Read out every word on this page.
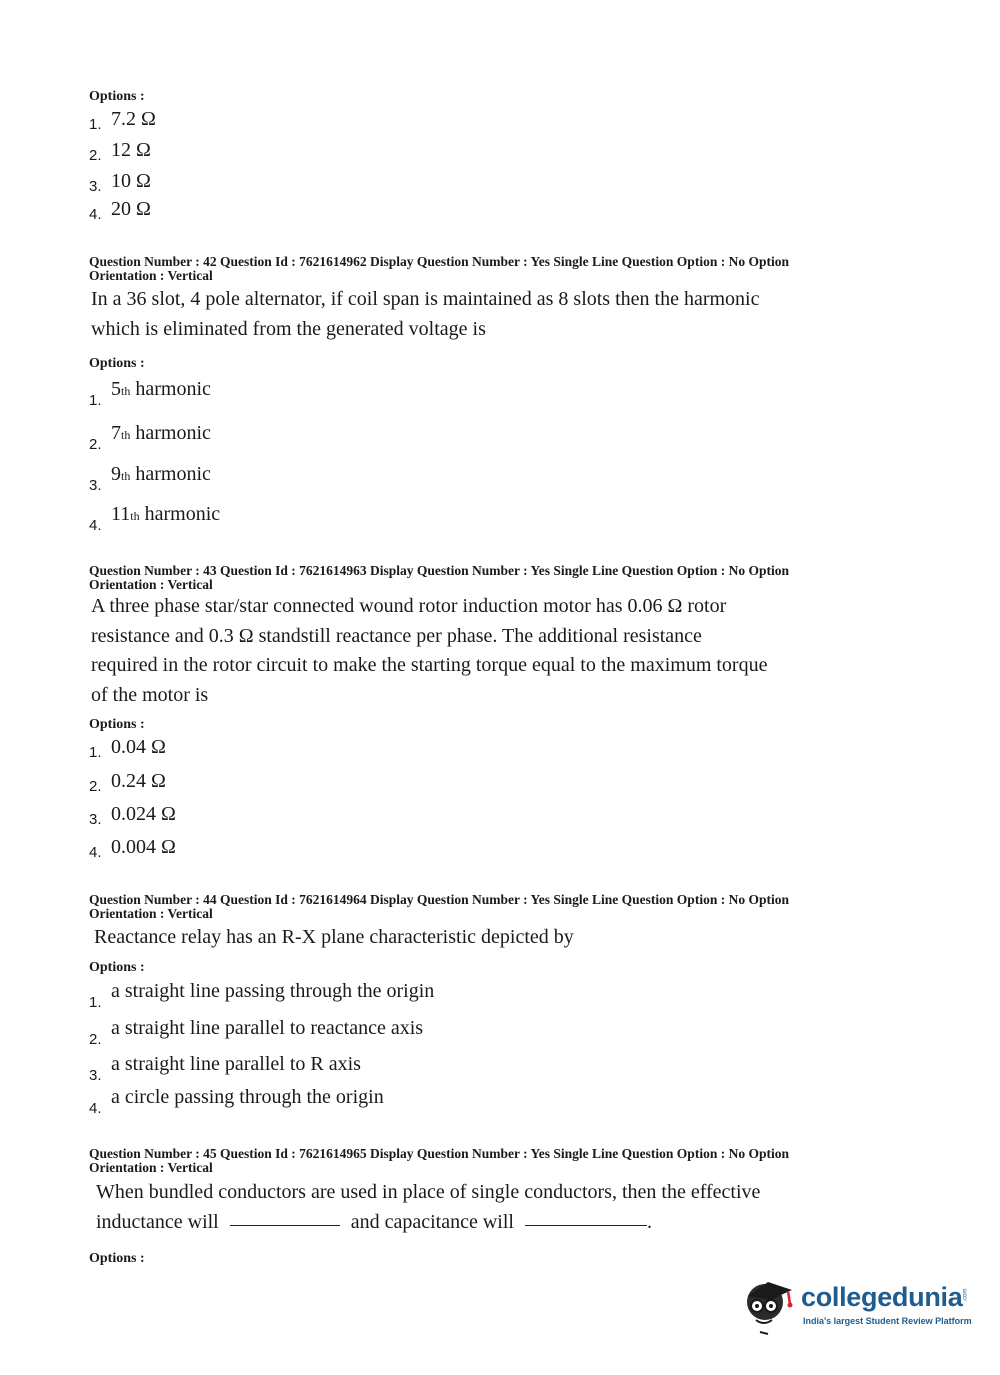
Options :
1. 7.2 Ω
2. 12 Ω
3. 10 Ω
4. 20 Ω
Question Number : 42 Question Id : 7621614962 Display Question Number : Yes Single Line Question Option : No Option
Orientation : Vertical
In a 36 slot, 4 pole alternator, if coil span is maintained as 8 slots then the harmonic
which is eliminated from the generated voltage is
Options :
1.
5 th harmonic
2.
7 th harmonic
3.
9 th harmonic
4.
11 th harmonic
Question Number : 43 Question Id : 7621614963 Display Question Number : Yes Single Line Question Option : No Option
Orientation : Vertical
A three phase star/star connected wound rotor induction motor has 0.06 Ω rotor
resistance and 0.3 Ω standstill reactance per phase. The additional resistance
required in the rotor circuit to make the starting torque equal to the maximum torque
of the motor is
Options :
1. 0.04 Ω
2. 0.24 Ω
3. 0.024 Ω
4. 0.004 Ω
Question Number : 44 Question Id : 7621614964 Display Question Number : Yes Single Line Question Option : No Option
Orientation : Vertical
Reactance relay has an R-X plane characteristic depicted by
Options :
1.
a straight line passing through the origin
2.
a straight line parallel to reactance axis
3.
a straight line parallel to R axis
4.
a circle passing through the origin
Question Number : 45 Question Id : 7621614965 Display Question Number : Yes Single Line Question Option : No Option
Orientation : Vertical
When bundled conductors are used in place of single conductors, then the effective
inductance will	and capacitance will	.
Options :
collegedunia .com
India's largest Student Review Platform
